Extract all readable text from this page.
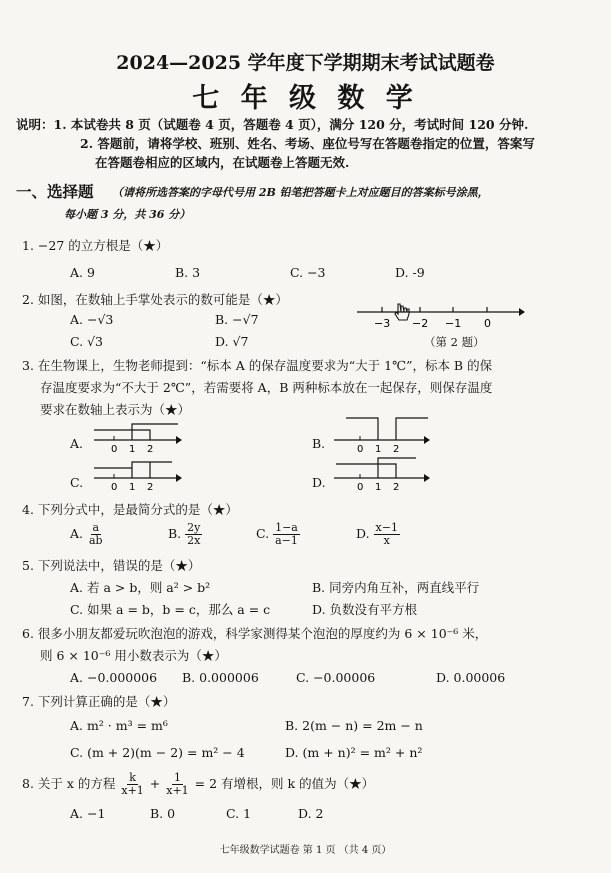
2024—2025 学年度下学期期末考试试题卷
七 年 级 数 学
说明：1. 本试卷共 8 页（试题卷 4 页，答题卷 4 页），满分 120 分，考试时间 120 分钟.
2. 答题前，请将学校、班别、姓名、考场、座位号写在答题卷指定的位置，答案写
在答题卷相应的区域内，在试题卷上答题无效.
一、选择题 （请将所选答案的字母代号用 2B 铅笔把答题卡上对应题目的答案标号涂黑，
每小题 3 分，共 36 分）
1. −27 的立方根是（★）
A. 9	B. 3	C. −3	D. -9
2. 如图，在数轴上手掌处表示的数可能是（★）
A. −√3	B. −√7
C. √3	D. √7
−3 −2 −1 0
（第 2 题）
3. 在生物课上，生物老师提到：“标本 A 的保存温度要求为“大于 1℃”，标本 B 的保
存温度要求为“不大于 2℃”，若需要将 A，B 两种标本放在一起保存，则保存温度
要求在数轴上表示为（★）
A.	0 1 2	B.	0 1 2
C.	0 1 2	D.	0 1 2
4. 下列分式中，是最简分式的是（★）
A. $\frac{a}{ab}$	B. $\frac{2y}{2x}$	C. $\frac{1-a}{a-1}$	D. $\frac{x-1}{x}$
5. 下列说法中，错误的是（★）
A. 若 a > b，则 a² > b²	B. 同旁内角互补，两直线平行
C. 如果 a = b，b = c，那么 a = c	D. 负数没有平方根
6. 很多小朋友都爱玩吹泡泡的游戏，科学家测得某个泡泡的厚度约为 6 × 10⁻⁶ 米，
则 6 × 10⁻⁶ 用小数表示为（★）
A. −0.000006 B. 0.000006	C. −0.00006	D. 0.00006
7. 下列计算正确的是（★）
A. m² · m³ = m⁶	B. 2(m − n) = 2m − n
C. (m + 2)(m − 2) = m² − 4	D. (m + n)² = m² + n²
8. 关于 x 的方程 $\frac{k}{x+1} + \frac{1}{x+1} = 2$ 有增根，则 k 的值为（★）
A. −1	B. 0	C. 1	D. 2
七年级数学试题卷 第 1 页 （共 4 页）
